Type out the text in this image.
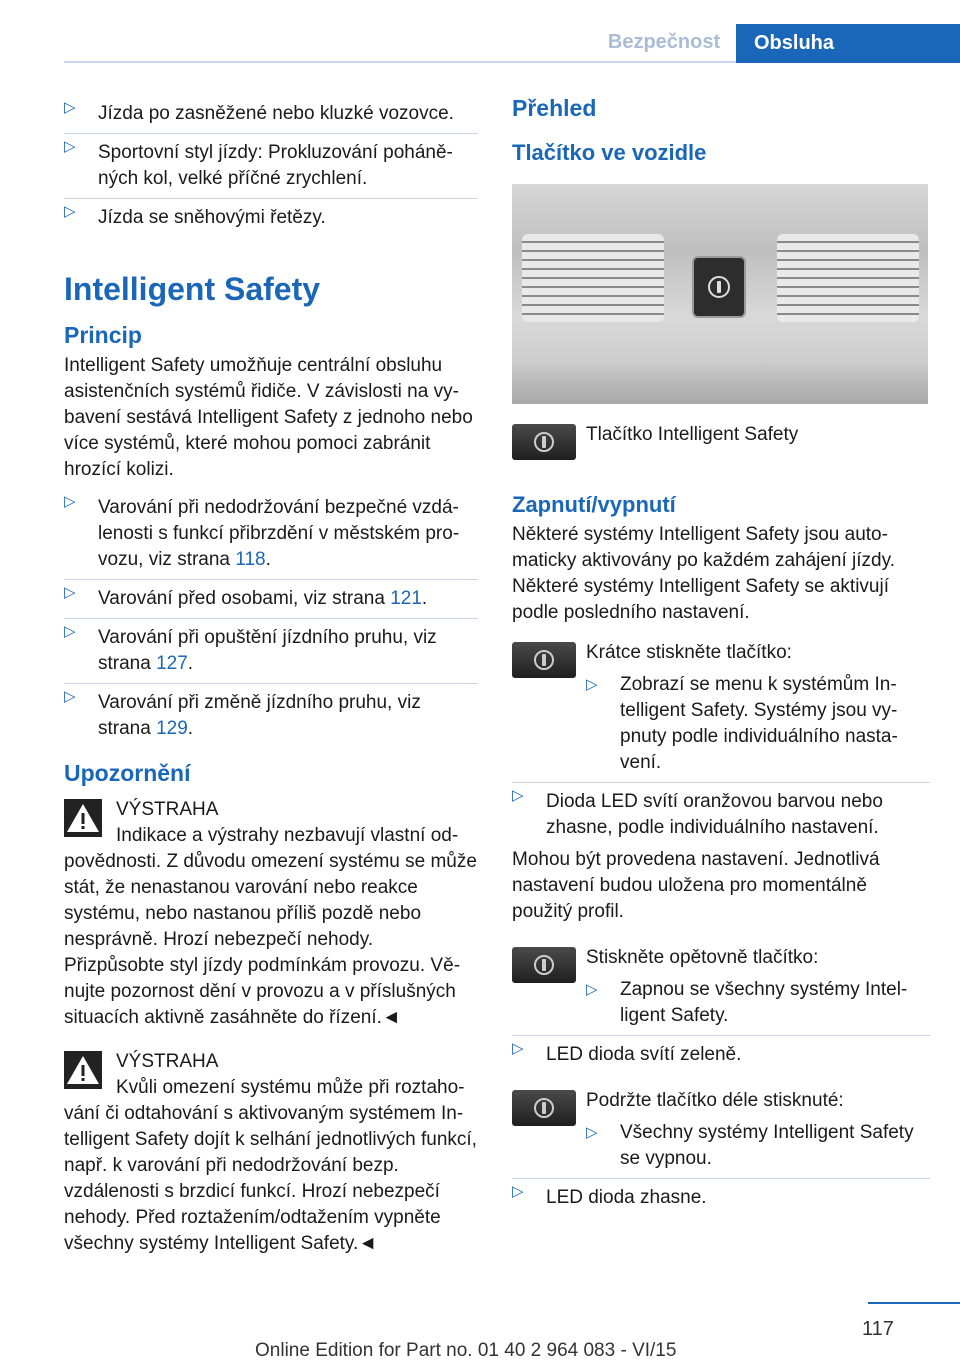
Bezpečnost	Obsluha
▷ Jízda po zasněžené nebo kluzké vozovce.
▷ Sportovní styl jízdy: Prokluzování poháněných kol, velké příčné zrychlení.
▷ Jízda se sněhovými řetězy.
Intelligent Safety
Princip
Intelligent Safety umožňuje centrální obsluhu asistenčních systémů řidiče. V závislosti na vybavení sestává Intelligent Safety z jednoho nebo více systémů, které mohou pomoci zabránit hrozící kolizi.
▷ Varování při nedodržování bezpečné vzdálenosti s funkcí přibrzdění v městském provozu, viz strana 118.
▷ Varování před osobami, viz strana 121.
▷ Varování při opuštění jízdního pruhu, viz strana 127.
▷ Varování při změně jízdního pruhu, viz strana 129.
Upozornění
VÝSTRAHA
Indikace a výstrahy nezbavují vlastní odpovědnosti. Z důvodu omezení systému se může stát, že nenastanou varování nebo reakce systému, nebo nastanou příliš pozdě nebo nesprávně. Hrozí nebezpečí nehody. Přizpůsobte styl jízdy podmínkám provozu. Věnujte pozornost dění v provozu a v příslušných situacích aktivně zasáhněte do řízení.◄
VÝSTRAHA
Kvůli omezení systému může při roztahování či odtahování s aktivovaným systémem Intelligent Safety dojít k selhání jednotlivých funkcí, např. k varování při nedodržování bezp. vzdálenosti s brzdicí funkcí. Hrozí nebezpečí nehody. Před roztažením/odtažením vypněte všechny systémy Intelligent Safety.◄
Přehled
Tlačítko ve vozidle
Tlačítko Intelligent Safety
Zapnutí/vypnutí
Některé systémy Intelligent Safety jsou automaticky aktivovány po každém zahájení jízdy. Některé systémy Intelligent Safety se aktivují podle posledního nastavení.
Krátce stiskněte tlačítko:
▷ Zobrazí se menu k systémům Intelligent Safety. Systémy jsou vypnuty podle individuálního nastavení.
▷ Dioda LED svítí oranžovou barvou nebo zhasne, podle individuálního nastavení.
Mohou být provedena nastavení. Jednotlivá nastavení budou uložena pro momentálně použitý profil.
Stiskněte opětovně tlačítko:
▷ Zapnou se všechny systémy Intelligent Safety.
▷ LED dioda svítí zeleně.
Podržte tlačítko déle stisknuté:
▷ Všechny systémy Intelligent Safety se vypnou.
▷ LED dioda zhasne.
117
Online Edition for Part no. 01 40 2 964 083 - VI/15
